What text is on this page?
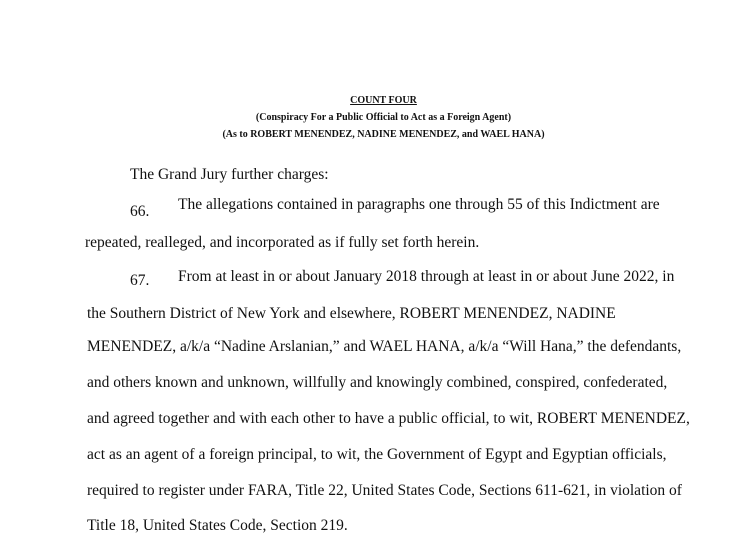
COUNT FOUR
(Conspiracy For a Public Official to Act as a Foreign Agent)
(As to ROBERT MENENDEZ, NADINE MENENDEZ, and WAEL HANA)
The Grand Jury further charges:
66. The allegations contained in paragraphs one through 55 of this Indictment are
repeated, realleged, and incorporated as if fully set forth herein.
67. From at least in or about January 2018 through at least in or about June 2022, in
the Southern District of New York and elsewhere, ROBERT MENENDEZ, NADINE
MENENDEZ, a/k/a “Nadine Arslanian,” and WAEL HANA, a/k/a “Will Hana,” the defendants,
and others known and unknown, willfully and knowingly combined, conspired, confederated,
and agreed together and with each other to have a public official, to wit, ROBERT MENENDEZ,
act as an agent of a foreign principal, to wit, the Government of Egypt and Egyptian officials,
required to register under FARA, Title 22, United States Code, Sections 611-621, in violation of
Title 18, United States Code, Section 219.
